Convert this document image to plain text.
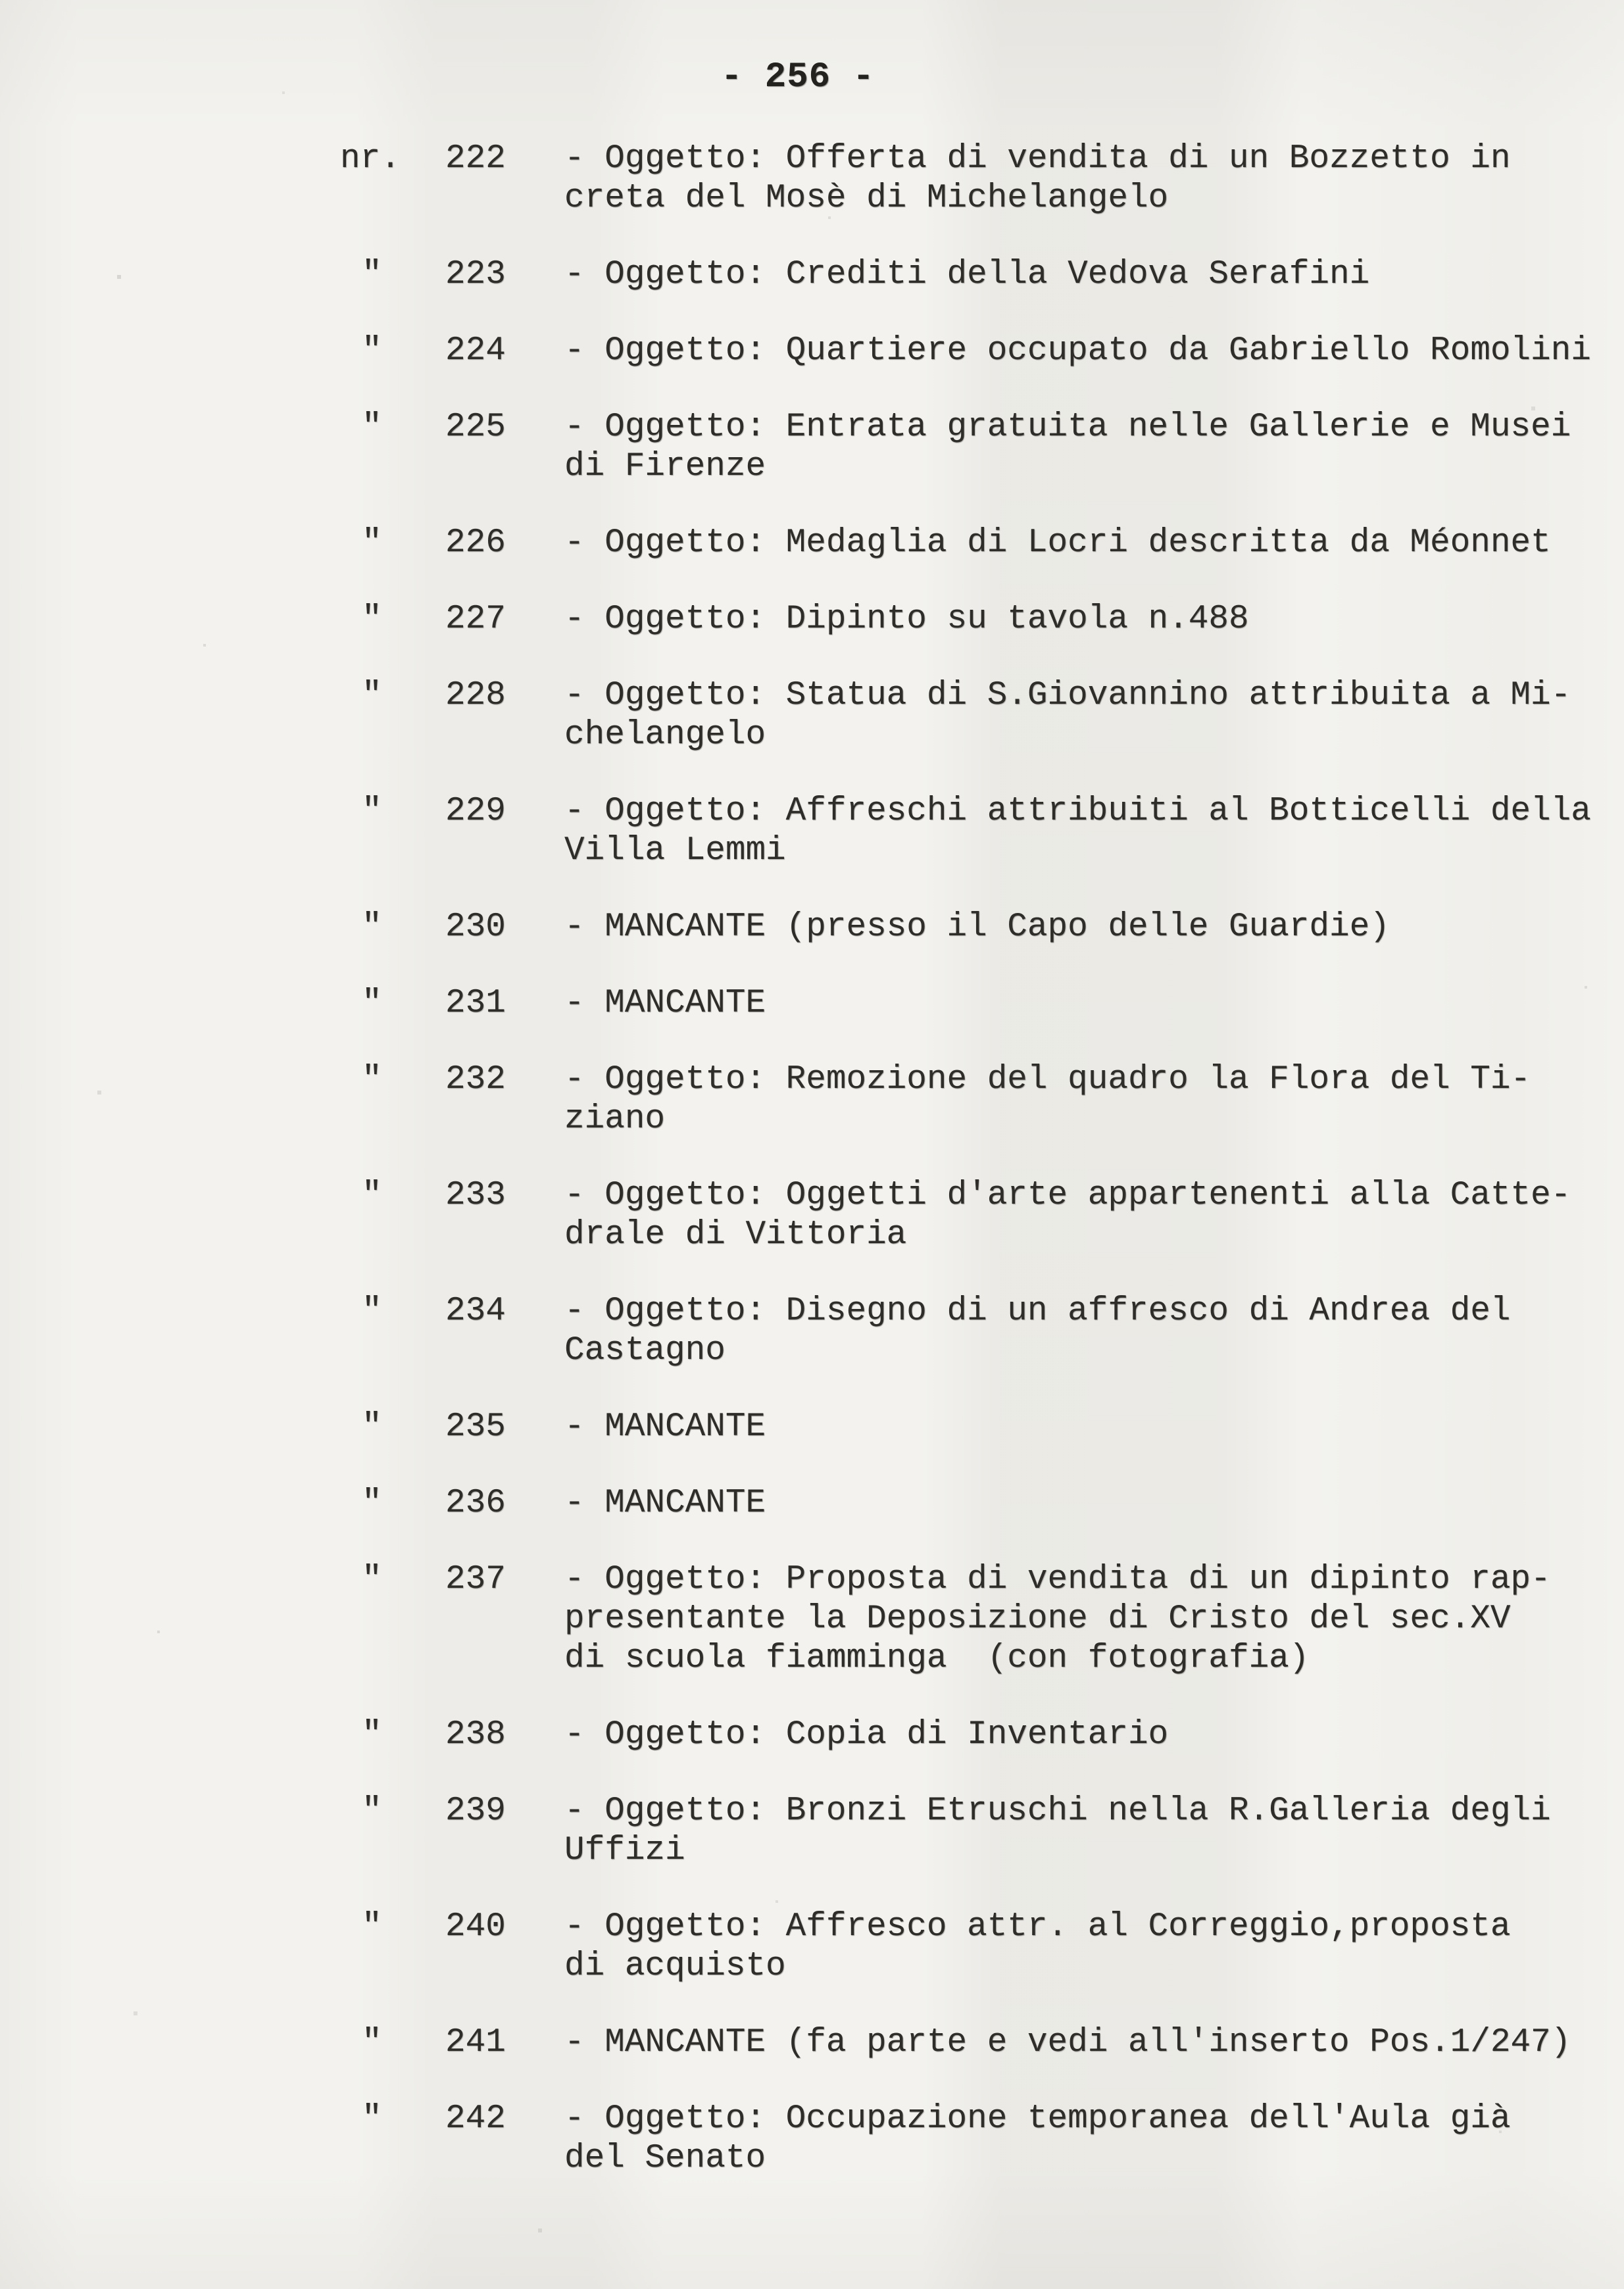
- 256 -
nr.	222	- Oggetto: Offerta di vendita di un Bozzetto in
creta del Mosè di Michelangelo
"	223	- Oggetto: Crediti della Vedova Serafini
"	224	- Oggetto: Quartiere occupato da Gabriello Romolini
"	225	- Oggetto: Entrata gratuita nelle Gallerie e Musei
di Firenze
"	226	- Oggetto: Medaglia di Locri descritta da Méonnet
"	227	- Oggetto: Dipinto su tavola n.488
"	228	- Oggetto: Statua di S.Giovannino attribuita a Mi-
chelangelo
"	229	- Oggetto: Affreschi attribuiti al Botticelli della
Villa Lemmi
"	230	- MANCANTE (presso il Capo delle Guardie)
"	231	- MANCANTE
"	232	- Oggetto: Remozione del quadro la Flora del Ti-
ziano
"	233	- Oggetto: Oggetti d'arte appartenenti alla Catte-
drale di Vittoria
"	234	- Oggetto: Disegno di un affresco di Andrea del
Castagno
"	235	- MANCANTE
"	236	- MANCANTE
"	237	- Oggetto: Proposta di vendita di un dipinto rap-
presentante la Deposizione di Cristo del sec.XV
di scuola fiamminga  (con fotografia)
"	238	- Oggetto: Copia di Inventario
"	239	- Oggetto: Bronzi Etruschi nella R.Galleria degli
Uffizi
"	240	- Oggetto: Affresco attr. al Correggio,proposta
di acquisto
"	241	- MANCANTE (fa parte e vedi all'inserto Pos.1/247)
"	242	- Oggetto: Occupazione temporanea dell'Aula già
del Senato
